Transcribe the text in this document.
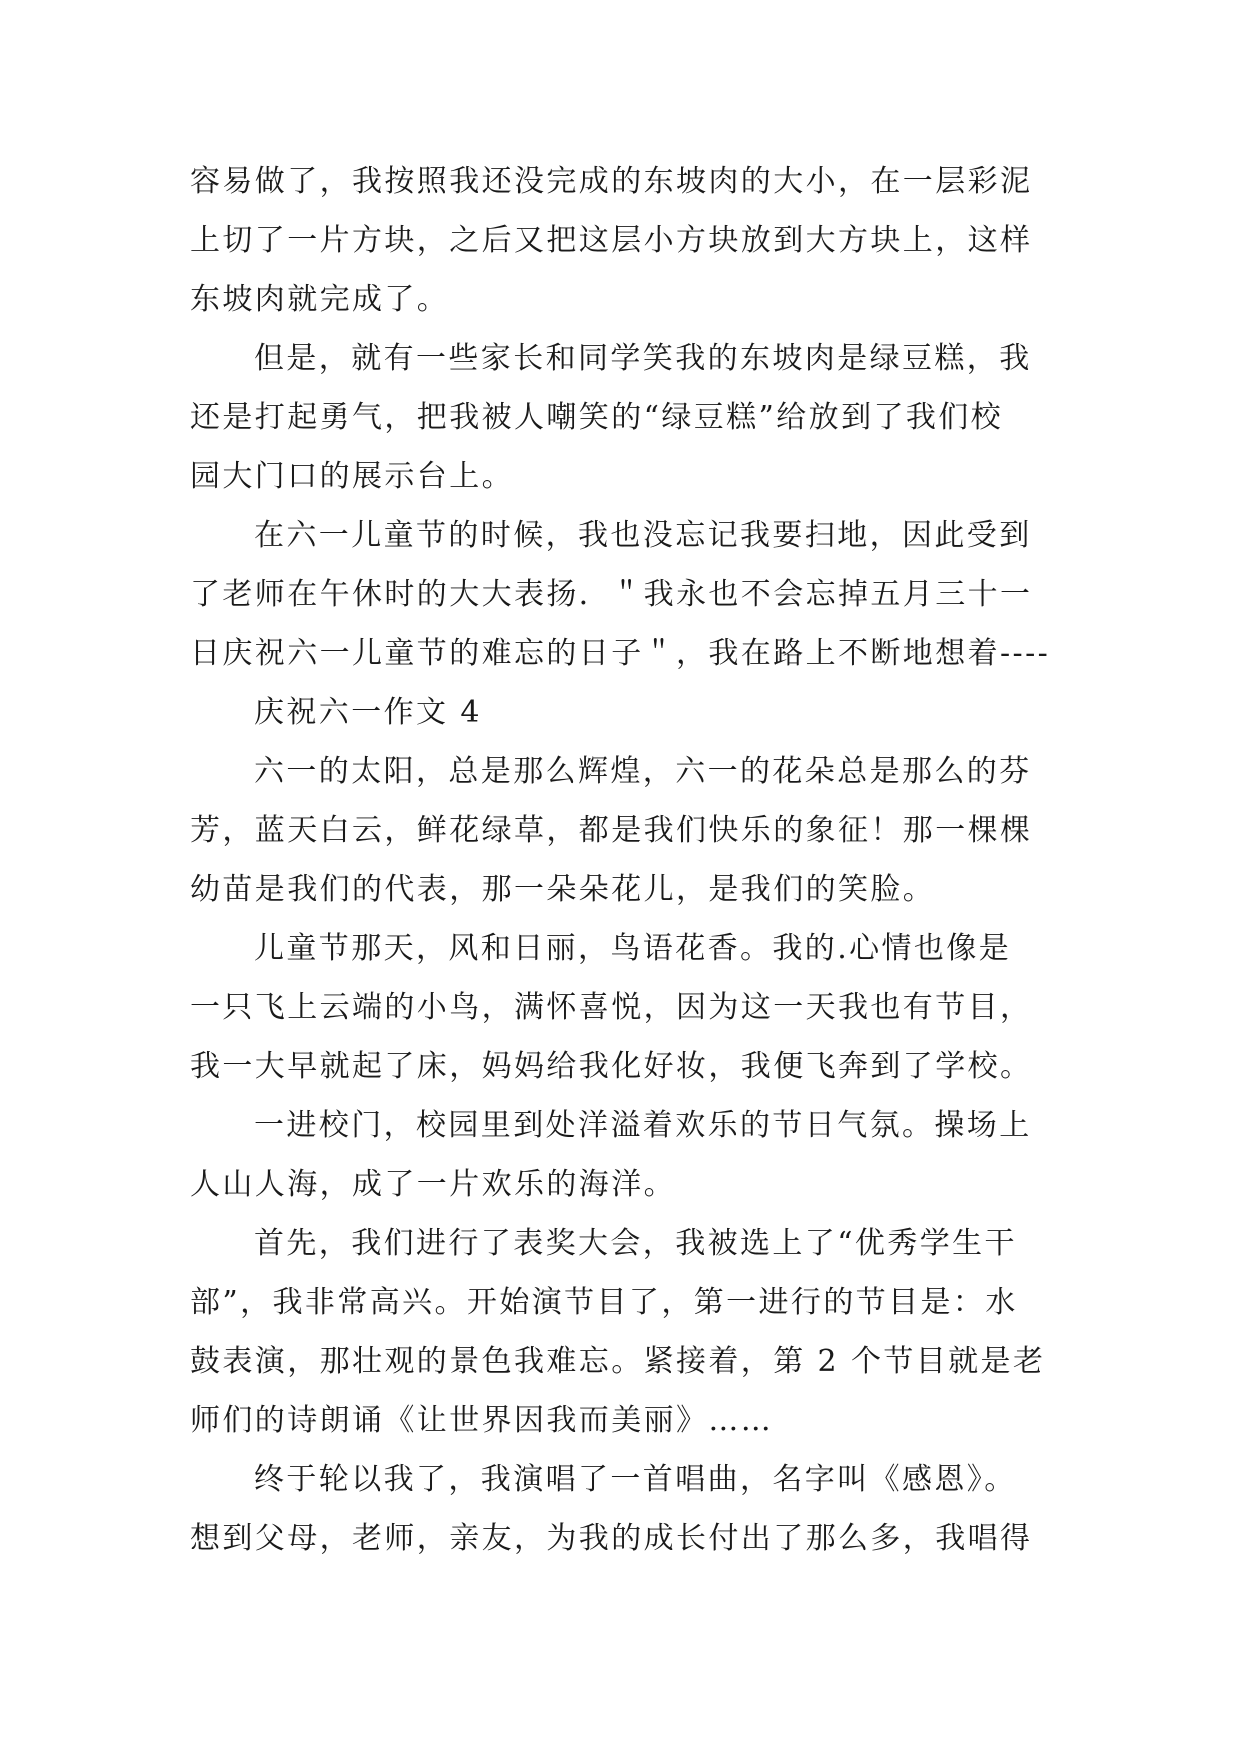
容易做了，我按照我还没完成的东坡肉的大小，在一层彩泥
上切了一片方块，之后又把这层小方块放到大方块上，这样
东坡肉就完成了。
但是，就有一些家长和同学笑我的东坡肉是绿豆糕，我
还是打起勇气，把我被人嘲笑的“绿豆糕”给放到了我们校
园大门口的展示台上。
在六一儿童节的时候，我也没忘记我要扫地，因此受到
了老师在午休时的大大表扬．＂我永也不会忘掉五月三十一
日庆祝六一儿童节的难忘的日子＂，我在路上不断地想着----
庆祝六一作文 4
六一的太阳，总是那么辉煌，六一的花朵总是那么的芬
芳，蓝天白云，鲜花绿草，都是我们快乐的象征！那一棵棵
幼苗是我们的代表，那一朵朵花儿，是我们的笑脸。
儿童节那天，风和日丽，鸟语花香。我的.心情也像是
一只飞上云端的小鸟，满怀喜悦，因为这一天我也有节目，
我一大早就起了床，妈妈给我化好妆，我便飞奔到了学校。
一进校门，校园里到处洋溢着欢乐的节日气氛。操场上
人山人海，成了一片欢乐的海洋。
首先，我们进行了表奖大会，我被选上了“优秀学生干
部”，我非常高兴。开始演节目了，第一进行的节目是：水
鼓表演，那壮观的景色我难忘。紧接着，第 2 个节目就是老
师们的诗朗诵《让世界因我而美丽》……
终于轮以我了，我演唱了一首唱曲，名字叫《感恩》。
想到父母，老师，亲友，为我的成长付出了那么多，我唱得
